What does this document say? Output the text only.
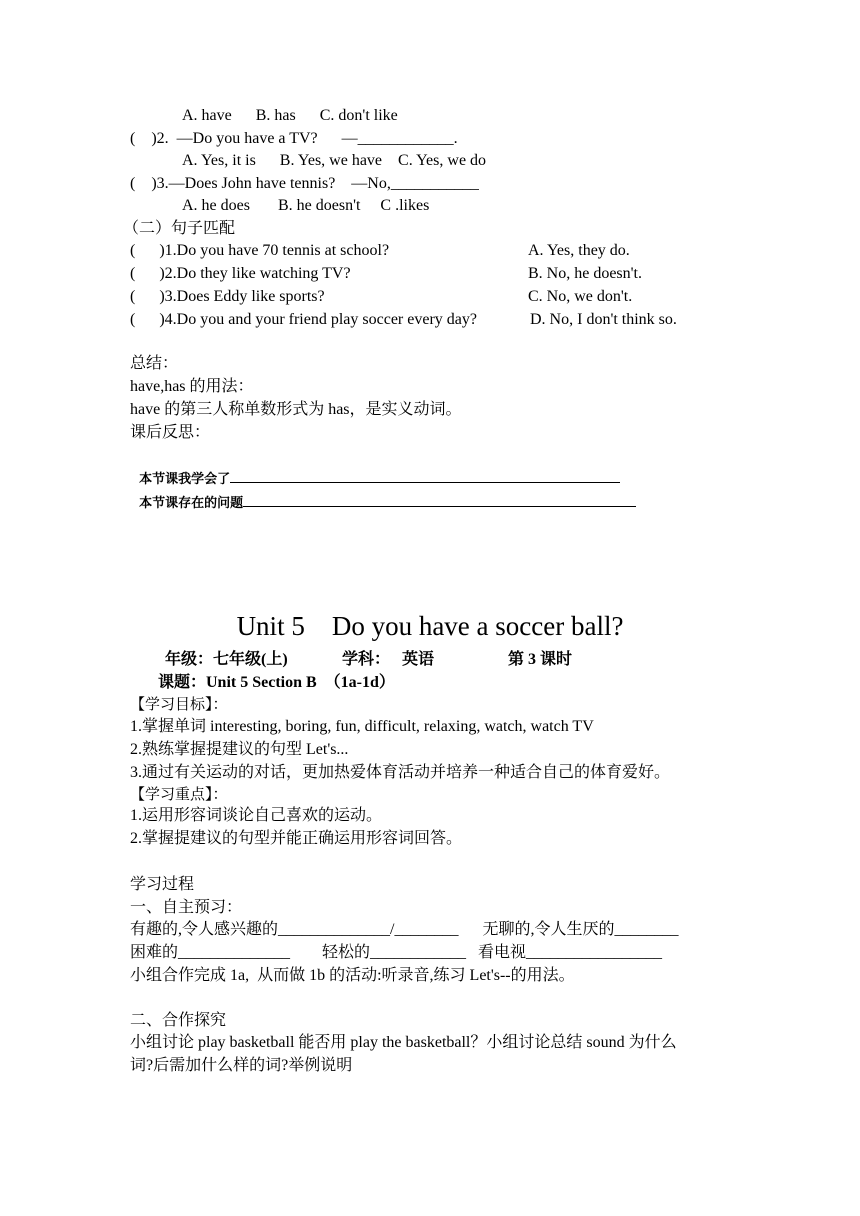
A. have      B. has      C. don't like
(    )2.  —Do you have a TV?      —____________.
A. Yes, it is      B. Yes, we have    C. Yes, we do
(    )3.—Does John have tennis?    —No,___________
A. he does       B. he doesn't     C .likes
（二）句子匹配
(      )1.Do you have 70 tennis at school?	A. Yes, they do.
(      )2.Do they like watching TV?	B. No, he doesn't.
(      )3.Does Eddy like sports?	C. No, we don't.
(      )4.Do you and your friend play soccer every day?	D. No, I don't think so.
总结：
have,has 的用法：
have 的第三人称单数形式为 has，是实义动词。
课后反思：

本节课我学会了

本节课存在的问题

Unit 5    Do you have a soccer ball?
年级：七年级(上)	学科：   英语	第 3 课时
课题：Unit 5 Section B  （1a-1d）
【学习目标】：
1.掌握单词 interesting, boring, fun, difficult, relaxing, watch, watch TV
2.熟练掌握提建议的句型 Let's...
3.通过有关运动的对话，更加热爱体育活动并培养一种适合自己的体育爱好。
【学习重点】：
1.运用形容词谈论自己喜欢的运动。
2.掌握提建议的句型并能正确运用形容词回答。
学习过程
一、自主预习：
有趣的,令人感兴趣的______________/________      无聊的,令人生厌的________
困难的______________        轻松的____________   看电视_________________
小组合作完成 1a,  从而做 1b 的活动:听录音,练习 Let's--的用法。
二、合作探究
小组讨论 play basketball 能否用 play the basketball？小组讨论总结 sound 为什么
词?后需加什么样的词?举例说明
